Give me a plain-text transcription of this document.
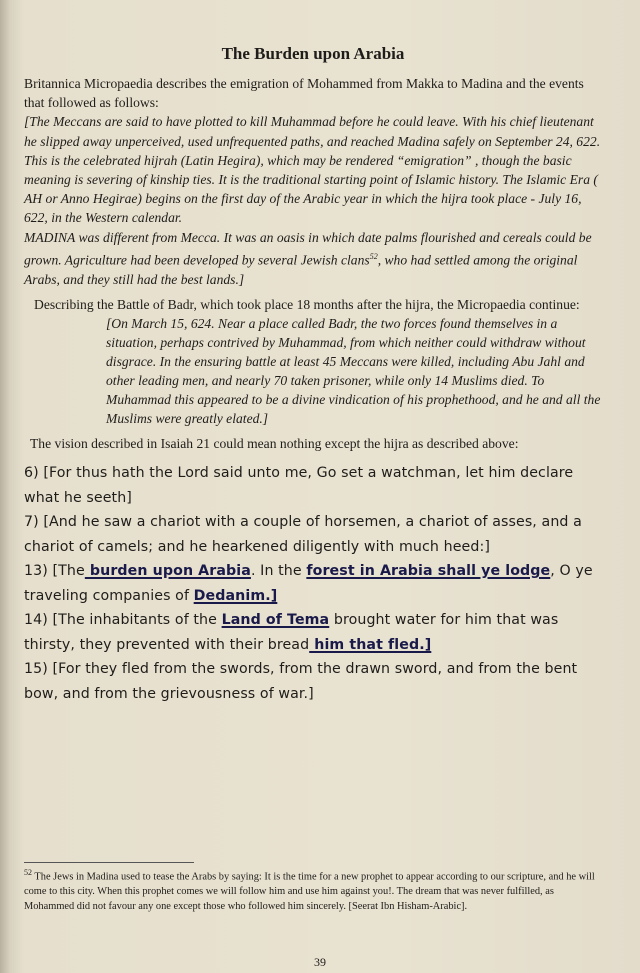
The Burden upon Arabia

Britannica Micropaedia describes the emigration of Mohammed from Makka to Madina and the events that followed as follows:

[The Meccans are said to have plotted to kill Muhammad before he could leave. With his chief lieutenant he slipped away unperceived, used unfrequented paths, and reached Madina safely on September 24, 622. This is the celebrated hijrah (Latin Hegira), which may be rendered “emigration” , though the basic meaning is severing of kinship ties. It is the traditional starting point of Islamic history. The Islamic Era ( AH or Anno Hegirae) begins on the first day of the Arabic year in which the hijra took place - July 16, 622, in the Western calendar.

MADINA was different from Mecca. It was an oasis in which date palms flourished and cereals could be grown. Agriculture had been developed by several Jewish clans$^{52}$, who had settled among the original Arabs, and they still had the best lands.]

Describing the Battle of Badr, which took place 18 months after the hijra, the Micropaedia continue:

[On March 15, 624. Near a place called Badr, the two forces found themselves in a situation, perhaps contrived by Muhammad, from which neither could withdraw without disgrace. In the ensuring battle at least 45 Meccans were killed, including Abu Jahl and other leading men, and nearly 70 taken prisoner, while only 14 Muslims died. To Muhammad this appeared to be a divine vindication of his prophethood, and he and all the Muslims were greatly elated.]

The vision described in Isaiah 21 could mean nothing except the hijra as described above:

6) [For thus hath the Lord said unto me, Go set a watchman, let him declare what he seeth]

7) [And he saw a chariot with a couple of horsemen, a chariot of asses, and a chariot of camels; and he hearkened diligently with much heed:]

13) [The burden upon Arabia. In the forest in Arabia shall ye lodge, O ye traveling companies of Dedanim.]

14) [The inhabitants of the Land of Tema brought water for him that was thirsty, they prevented with their bread him that fled.]

15) [For they fled from the swords, from the drawn sword, and from the bent bow, and from the grievousness of war.]

$^{52}$ The Jews in Madina used to tease the Arabs by saying: It is the time for a new prophet to appear according to our scripture, and he will come to this city. When this prophet comes we will follow him and use him against you!. The dream that was never fulfilled, as Mohammed did not favour any one except those who followed him sincerely. [Seerat Ibn Hisham-Arabic].
39
